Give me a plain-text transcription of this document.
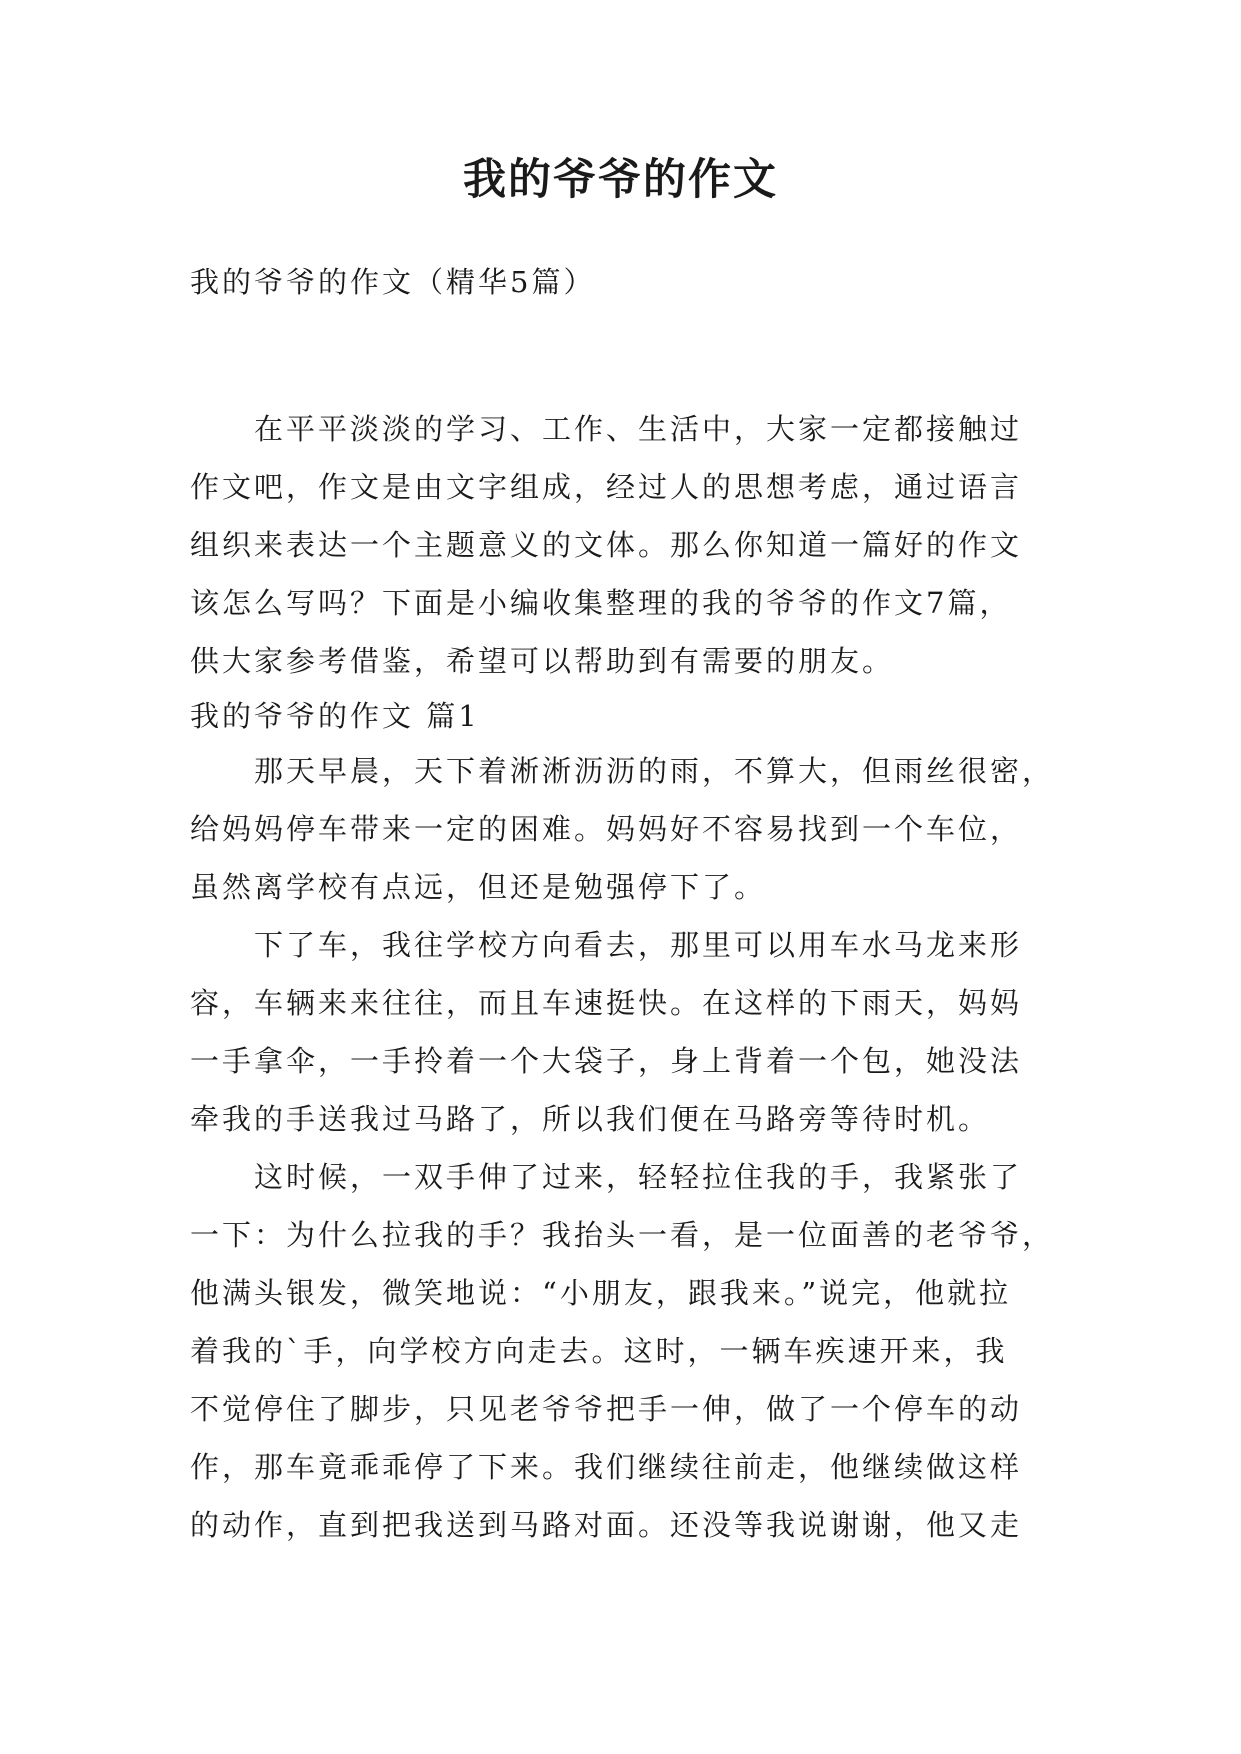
我的爷爷的作文

我的爷爷的作文（精华5篇）

在平平淡淡的学习、工作、生活中，大家一定都接触过

作文吧，作文是由文字组成，经过人的思想考虑，通过语言

组织来表达一个主题意义的文体。那么你知道一篇好的作文

该怎么写吗？下面是小编收集整理的我的爷爷的作文7篇，

供大家参考借鉴，希望可以帮助到有需要的朋友。

我的爷爷的作文 篇1

那天早晨，天下着淅淅沥沥的雨，不算大，但雨丝很密，

给妈妈停车带来一定的困难。妈妈好不容易找到一个车位，

虽然离学校有点远，但还是勉强停下了。

下了车，我往学校方向看去，那里可以用车水马龙来形

容，车辆来来往往，而且车速挺快。在这样的下雨天，妈妈

一手拿伞，一手拎着一个大袋子，身上背着一个包，她没法

牵我的手送我过马路了，所以我们便在马路旁等待时机。

这时候，一双手伸了过来，轻轻拉住我的手，我紧张了

一下：为什么拉我的手？我抬头一看，是一位面善的老爷爷，

他满头银发，微笑地说：“小朋友，跟我来。”说完，他就拉

着我的`手，向学校方向走去。这时，一辆车疾速开来，我

不觉停住了脚步，只见老爷爷把手一伸，做了一个停车的动

作，那车竟乖乖停了下来。我们继续往前走，他继续做这样

的动作，直到把我送到马路对面。还没等我说谢谢，他又走
